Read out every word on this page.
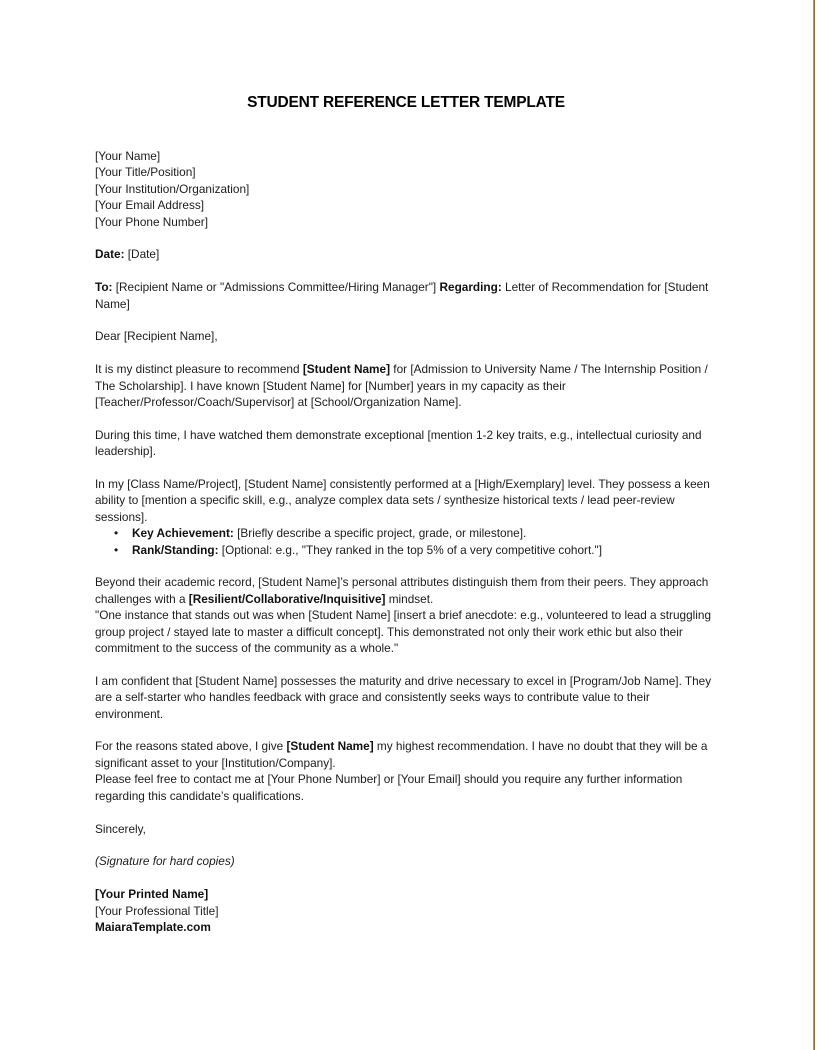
STUDENT REFERENCE LETTER TEMPLATE
[Your Name]
[Your Title/Position]
[Your Institution/Organization]
[Your Email Address]
[Your Phone Number]

Date: [Date]

To: [Recipient Name or "Admissions Committee/Hiring Manager"] Regarding: Letter of Recommendation for [Student Name]

Dear [Recipient Name],

It is my distinct pleasure to recommend [Student Name] for [Admission to University Name / The Internship Position / The Scholarship]. I have known [Student Name] for [Number] years in my capacity as their [Teacher/Professor/Coach/Supervisor] at [School/Organization Name].

During this time, I have watched them demonstrate exceptional [mention 1-2 key traits, e.g., intellectual curiosity and leadership].

In my [Class Name/Project], [Student Name] consistently performed at a [High/Exemplary] level. They possess a keen ability to [mention a specific skill, e.g., analyze complex data sets / synthesize historical texts / lead peer-review sessions].

• Key Achievement: [Briefly describe a specific project, grade, or milestone].
• Rank/Standing: [Optional: e.g., "They ranked in the top 5% of a very competitive cohort."]

Beyond their academic record, [Student Name]’s personal attributes distinguish them from their peers. They approach challenges with a [Resilient/Collaborative/Inquisitive] mindset.
"One instance that stands out was when [Student Name] [insert a brief anecdote: e.g., volunteered to lead a struggling group project / stayed late to master a difficult concept]. This demonstrated not only their work ethic but also their commitment to the success of the community as a whole."

I am confident that [Student Name] possesses the maturity and drive necessary to excel in [Program/Job Name]. They are a self-starter who handles feedback with grace and consistently seeks ways to contribute value to their environment.

For the reasons stated above, I give [Student Name] my highest recommendation. I have no doubt that they will be a significant asset to your [Institution/Company].
Please feel free to contact me at [Your Phone Number] or [Your Email] should you require any further information regarding this candidate’s qualifications.

Sincerely,

(Signature for hard copies)

[Your Printed Name]

[Your Professional Title]

MaiaraTemplate.com
